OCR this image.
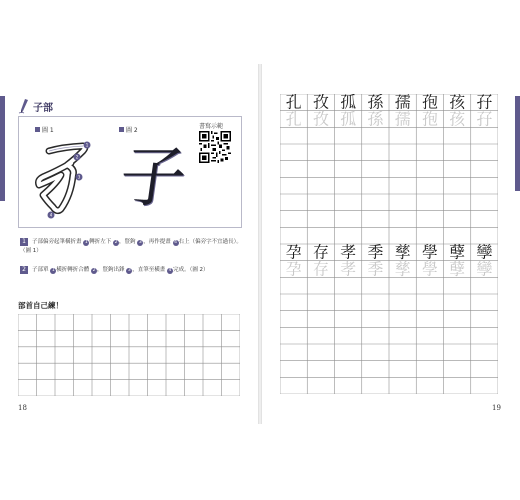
子部
圖 1	圖 2
1
2
3
4 子
書寫示範
1 子部偏旁起筆橫折畫 1 轉折左下 2 ，豎鉤 3 ，再作提畫 4 右上（偏旁字不宜過長）。（圖 1）
2 子部單 1 橫折轉折合體 2 ，豎鉤出鋒 3 ，直筆至橫畫 4 完成。（圖 2）
部首自己練！
18
孔 孜 孤 孫 孺 孢 孩 孖
孔 孜 孤 孫 孺 孢 孩 孖
孕 存 孝 季 孳 學 孽 孿
孕 存 孝 季 孳 學 孽 孿
19
